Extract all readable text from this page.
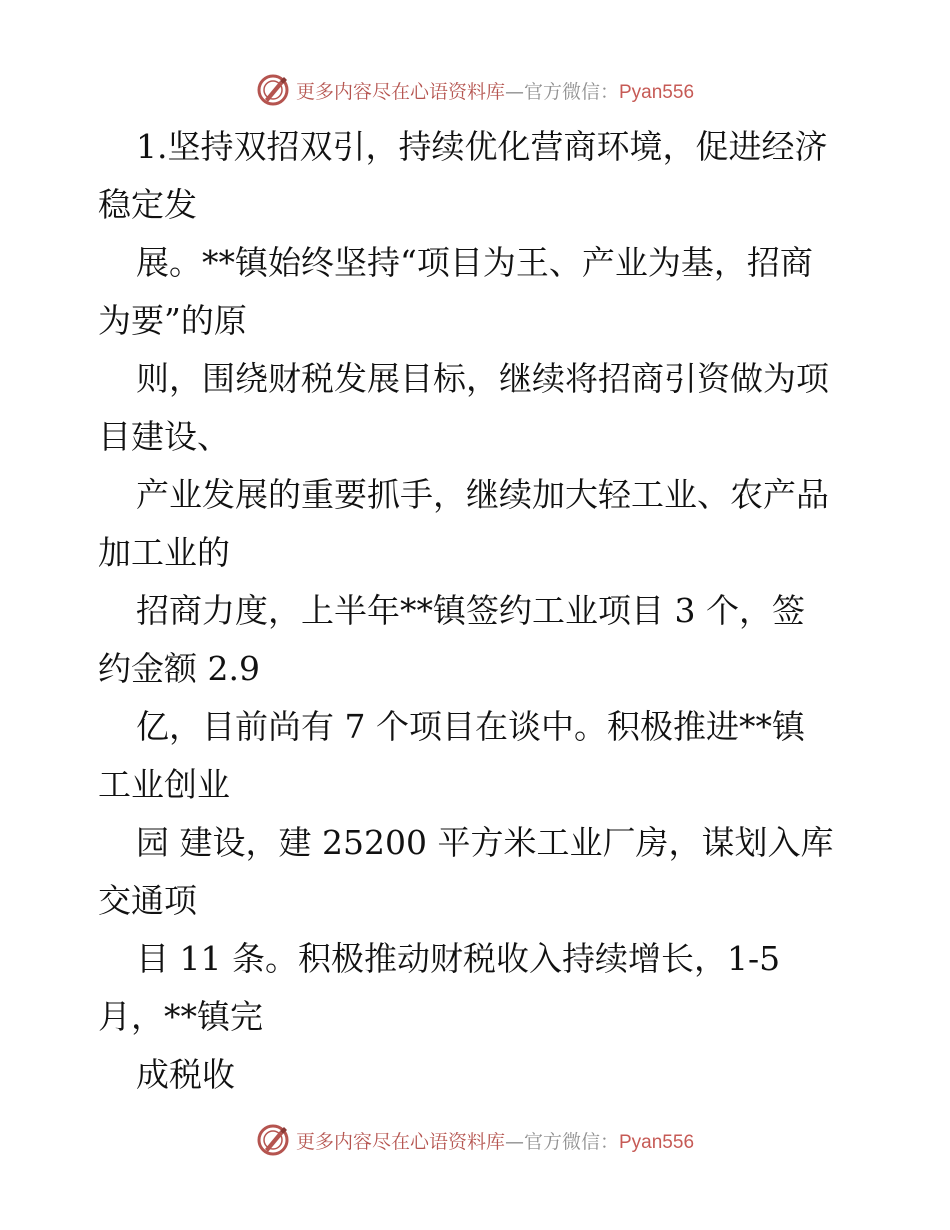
更多内容尽在心语资料库—官方微信：Pyan556

1.坚持双招双引，持续优化营商环境，促进经济

稳定发

展。**镇始终坚持“项目为王、产业为基，招商

为要”的原

则，围绕财税发展目标，继续将招商引资做为项

目建设、

产业发展的重要抓手，继续加大轻工业、农产品

加工业的

招商力度，上半年**镇签约工业项目 3 个，签

约金额 2.9

亿，目前尚有 7 个项目在谈中。积极推进**镇

工业创业

园 建设，建 25200 平方米工业厂房，谋划入库

交通项

目 11 条。积极推动财税收入持续增长，1-5

月，**镇完

成税收

更多内容尽在心语资料库—官方微信：Pyan556
